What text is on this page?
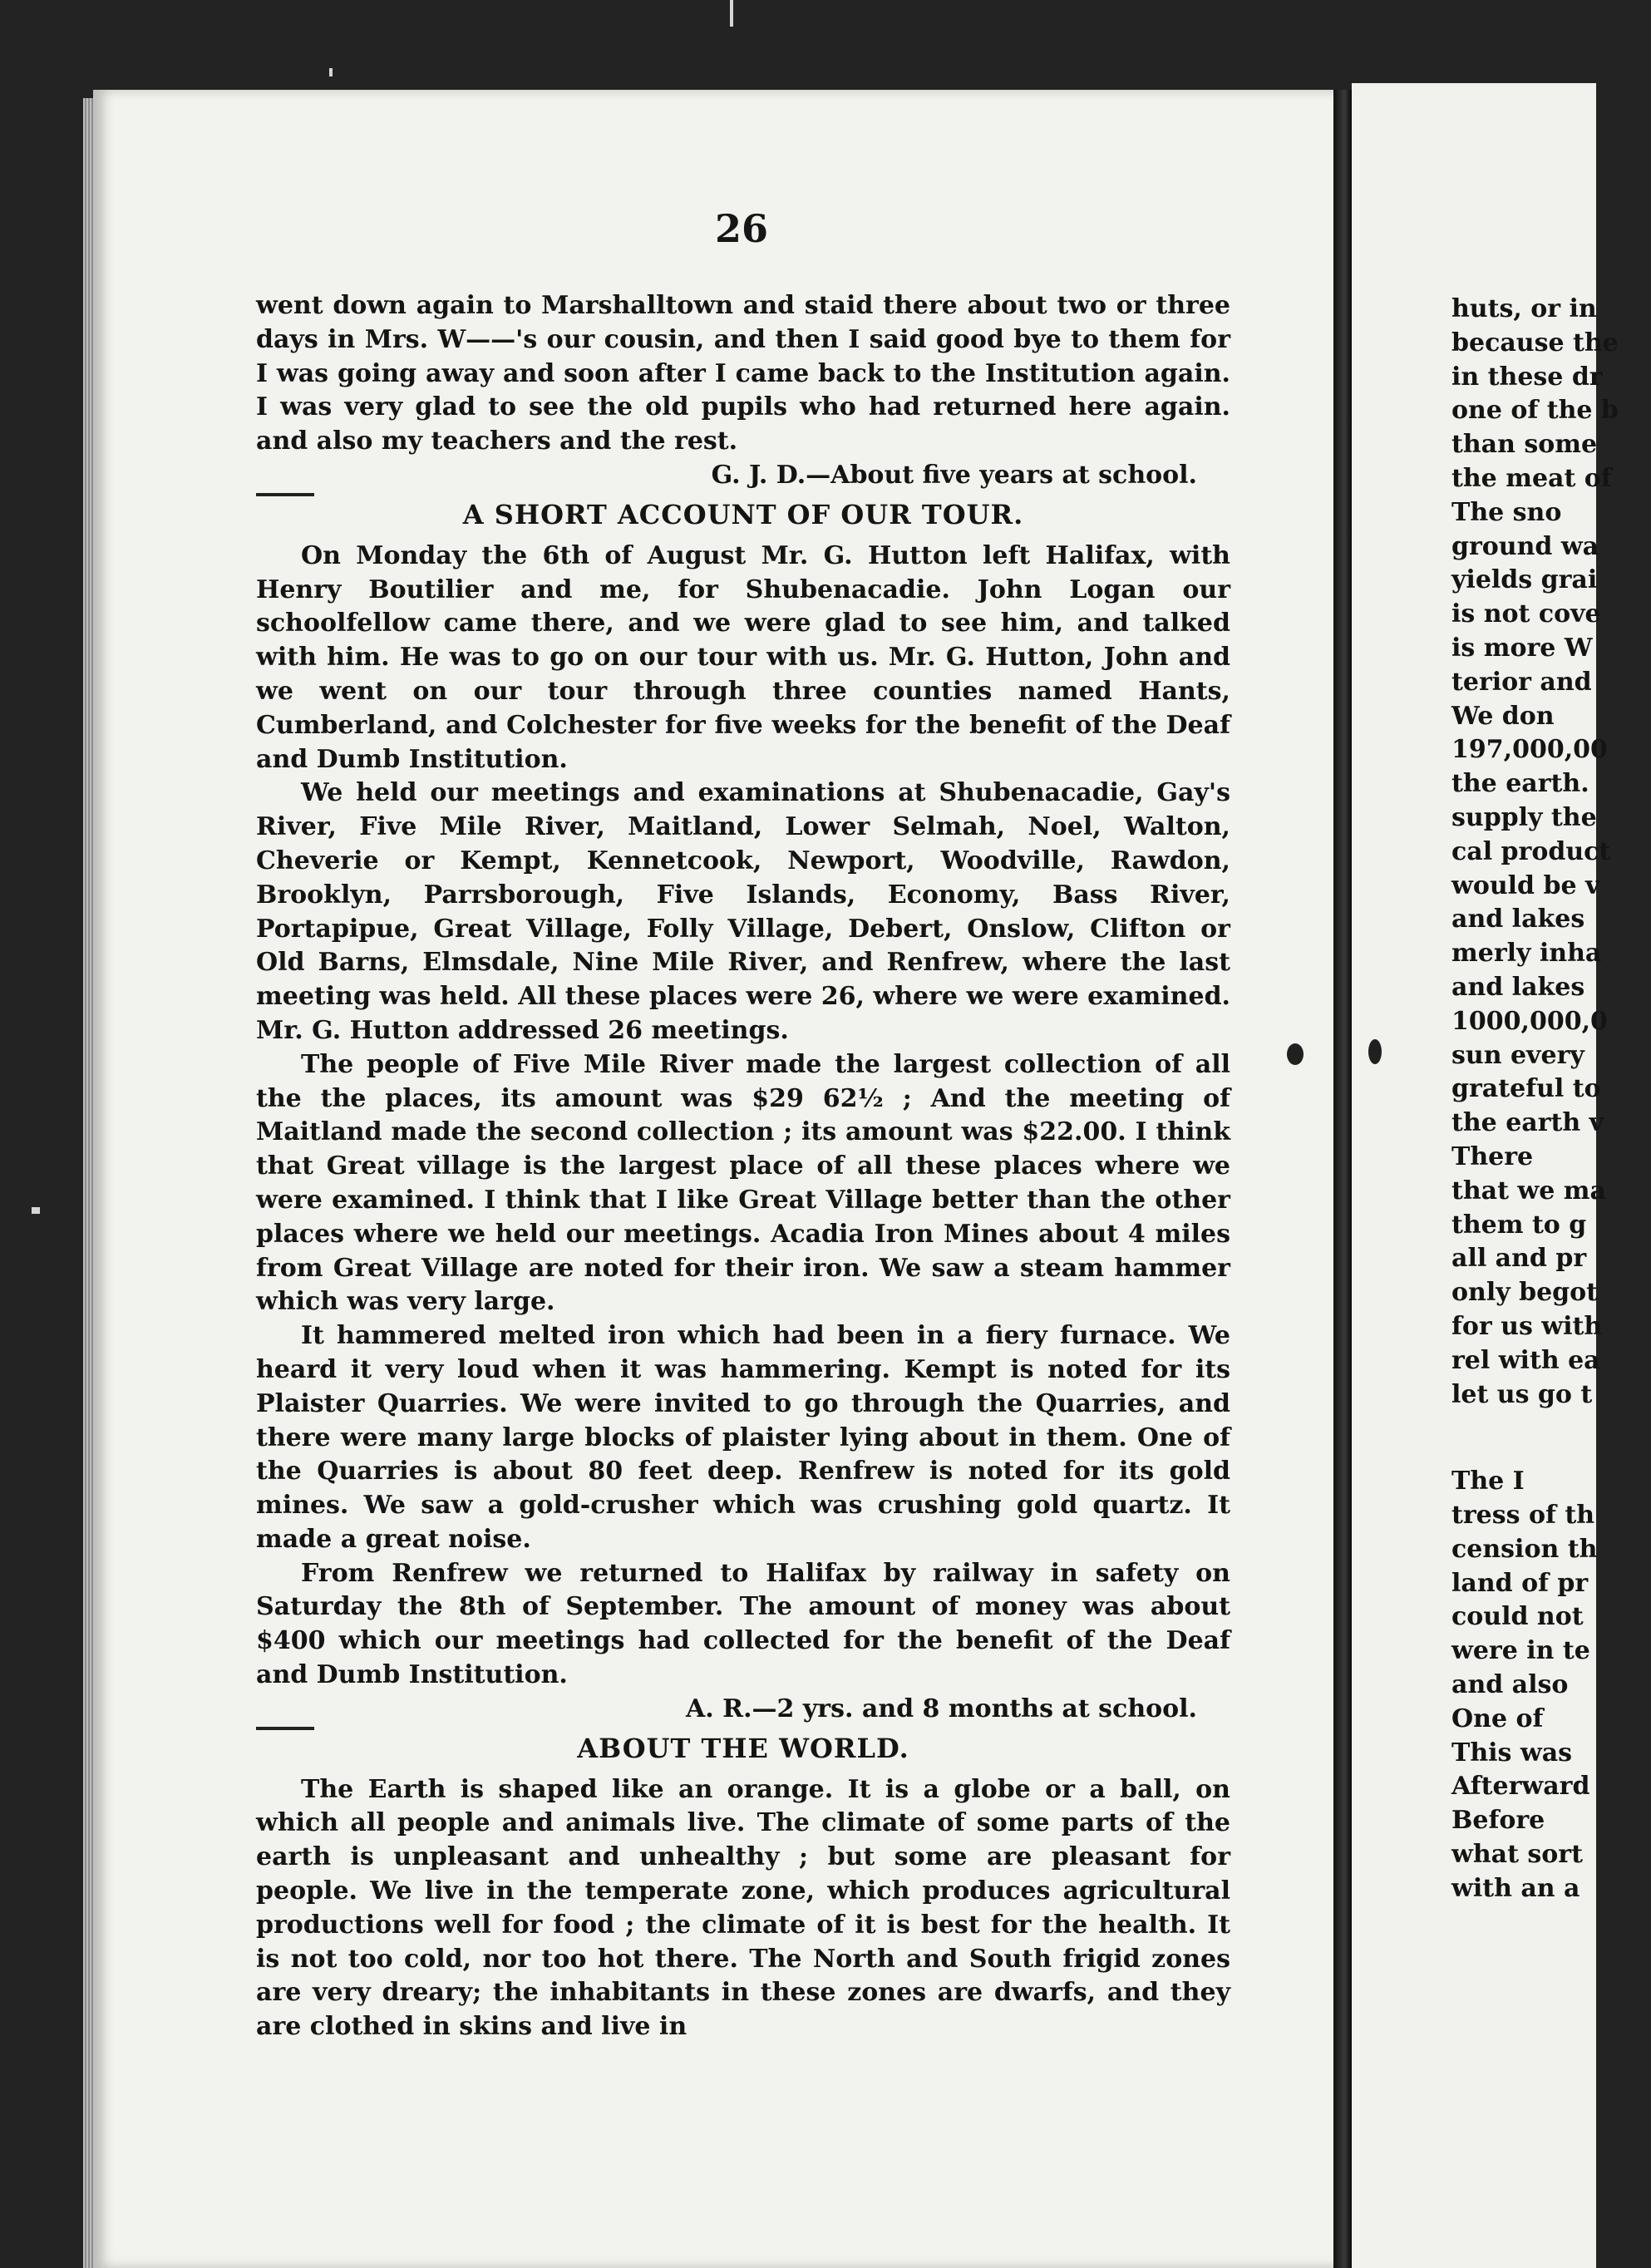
26

went down again to Marshalltown and staid there about two or three days in Mrs. W——'s our cousin, and then I said good bye to them for I was going away and soon after I came back to the Institution again. I was very glad to see the old pupils who had returned here again. and also my teachers and the rest.

G. J. D.—About five years at school.
A SHORT ACCOUNT OF OUR TOUR.

On Monday the 6th of August Mr. G. Hutton left Halifax, with Henry Boutilier and me, for Shubenacadie. John Logan our schoolfellow came there, and we were glad to see him, and talked with him. He was to go on our tour with us. Mr. G. Hutton, John and we went on our tour through three counties named Hants, Cumberland, and Colchester for five weeks for the benefit of the Deaf and Dumb Institution.

We held our meetings and examinations at Shubenacadie, Gay's River, Five Mile River, Maitland, Lower Selmah, Noel, Walton, Cheverie or Kempt, Kennetcook, Newport, Woodville, Rawdon, Brooklyn, Parrsborough, Five Islands, Economy, Bass River, Portapipue, Great Village, Folly Village, Debert, Onslow, Clifton or Old Barns, Elmsdale, Nine Mile River, and Renfrew, where the last meeting was held. All these places were 26, where we were examined. Mr. G. Hutton addressed 26 meetings.

The people of Five Mile River made the largest collection of all the the places, its amount was $29 62½ ; And the meeting of Maitland made the second collection ; its amount was $22.00. I think that Great village is the largest place of all these places where we were examined. I think that I like Great Village better than the other places where we held our meetings. Acadia Iron Mines about 4 miles from Great Village are noted for their iron. We saw a steam hammer which was very large.

It hammered melted iron which had been in a fiery furnace. We heard it very loud when it was hammering. Kempt is noted for its Plaister Quarries. We were invited to go through the Quarries, and there were many large blocks of plaister lying about in them. One of the Quarries is about 80 feet deep. Renfrew is noted for its gold mines. We saw a gold-crusher which was crushing gold quartz. It made a great noise.

From Renfrew we returned to Halifax by railway in safety on Saturday the 8th of September. The amount of money was about $400 which our meetings had collected for the benefit of the Deaf and Dumb Institution.

A. R.—2 yrs. and 8 months at school.
ABOUT THE WORLD.

The Earth is shaped like an orange. It is a globe or a ball, on which all people and animals live. The climate of some parts of the earth is unpleasant and unhealthy ; but some are pleasant for people. We live in the temperate zone, which produces agricultural productions well for food ; the climate of it is best for the health. It is not too cold, nor too hot there. The North and South frigid zones are very dreary; the inhabitants in these zones are dwarfs, and they are clothed in skins and live in

huts, or in
because the
in these dr
one of the b
than some
the meat of
The sno
ground wa
yields grai
is not cove
is more W
terior and
We don
197,000,00
the earth.
supply the
cal product
would be v
and lakes
merly inha
and lakes
1000,000,0
sun every
grateful to
the earth v
There
that we ma
them to g
all and pr
only begot
for us with
rel with ea
let us go t
The I
tress of th
cension th
land of pr
could not
were in te
and also
One of
This was
Afterward
Before
what sort
with an a
